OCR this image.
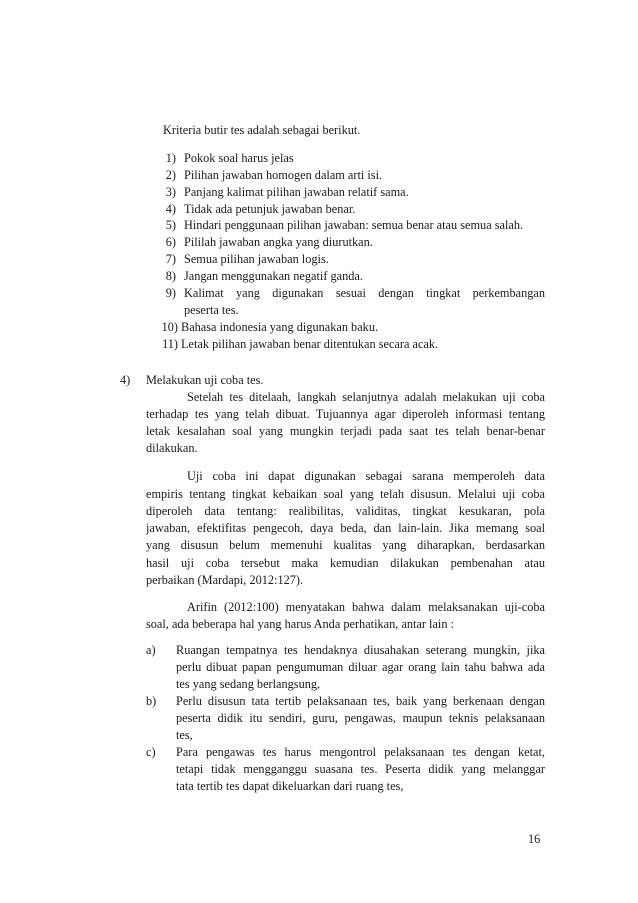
Kriteria butir tes adalah sebagai berikut.
1) Pokok soal harus jelas
2) Pilihan jawaban homogen dalam arti isi.
3) Panjang kalimat pilihan jawaban relatif sama.
4) Tidak ada petunjuk jawaban benar.
5) Hindari penggunaan pilihan jawaban: semua benar atau semua salah.
6) Pililah jawaban angka yang diurutkan.
7) Semua pilihan jawaban logis.
8) Jangan menggunakan negatif ganda.
9) Kalimat yang digunakan sesuai dengan tingkat perkembangan
peserta tes.
10) Bahasa indonesia yang digunakan baku.
11) Letak pilihan jawaban benar ditentukan secara acak.
4) Melakukan uji coba tes.
Setelah tes ditelaah, langkah selanjutnya adalah melakukan uji coba
terhadap tes yang telah dibuat. Tujuannya agar diperoleh informasi tentang
letak kesalahan soal yang mungkin terjadi pada saat tes telah benar-benar
dilakukan.
Uji coba ini dapat digunakan sebagai sarana memperoleh data
empiris tentang tingkat kebaikan soal yang telah disusun. Melalui uji coba
diperoleh data tentang: realibilitas, validitas, tingkat kesukaran, pola
jawaban, efektifitas pengecoh, daya beda, dan lain-lain. Jika memang soal
yang disusun belum memenuhi kualitas yang diharapkan, berdasarkan
hasil uji coba tersebut maka kemudian dilakukan pembenahan atau
perbaikan (Mardapi, 2012:127).
Arifin (2012:100) menyatakan bahwa dalam melaksanakan uji-coba
soal, ada beberapa hal yang harus Anda perhatikan, antar lain :
a) Ruangan tempatnya tes hendaknya diusahakan seterang mungkin, jika
perlu dibuat papan pengumuman diluar agar orang lain tahu bahwa ada
tes yang sedang berlangsung,
b) Perlu disusun tata tertib pelaksanaan tes, baik yang berkenaan dengan
peserta didik itu sendiri, guru, pengawas, maupun teknis pelaksanaan
tes,
c) Para pengawas tes harus mengontrol pelaksanaan tes dengan ketat,
tetapi tidak mengganggu suasana tes. Peserta didik yang melanggar
tata tertib tes dapat dikeluarkan dari ruang tes,
16
